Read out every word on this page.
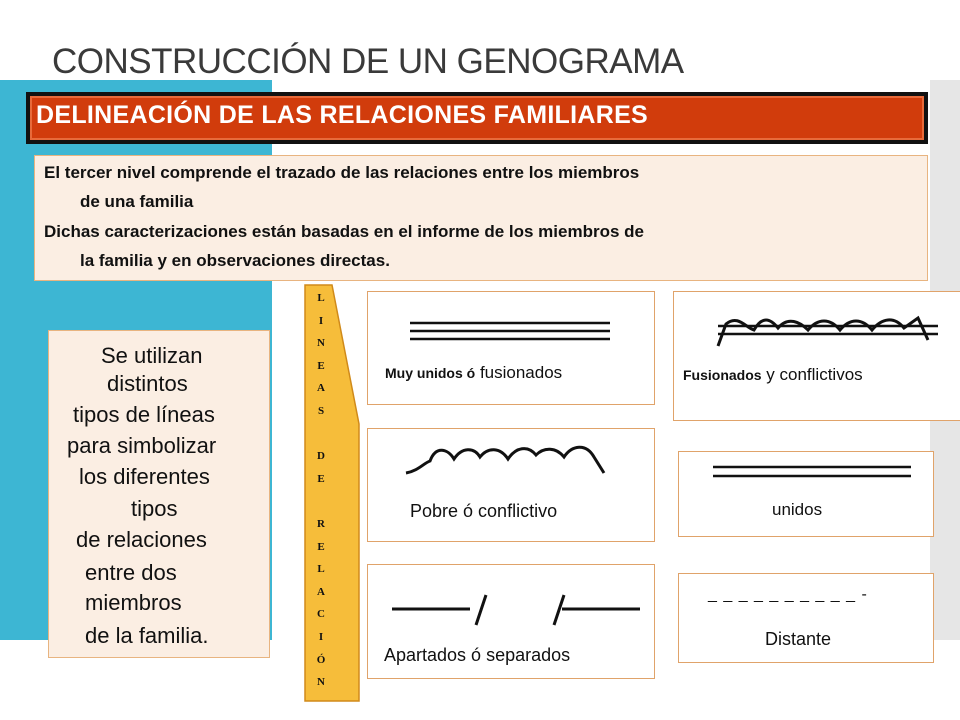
CONSTRUCCIÓN DE UN GENOGRAMA
DELINEACIÓN DE LAS RELACIONES FAMILIARES
El tercer nivel comprende el trazado de las relaciones entre los miembros
de una familia
Dichas caracterizaciones están basadas en el informe de los miembros de
la familia y en observaciones directas.
Se utilizan
distintos
tipos de líneas
para simbolizar
los diferentes
tipos
de relaciones
entre dos
miembros
de la familia.
L
I
N
E
A
S
D
E
R
E
L
A
C
I
Ó
N
Muy unidos ó fusionados	Fusionados y conflictivos
Pobre ó conflictivo	unidos
Apartados ó separados
_ _ _ _ _ _ _ _ _ _ -
Distante
